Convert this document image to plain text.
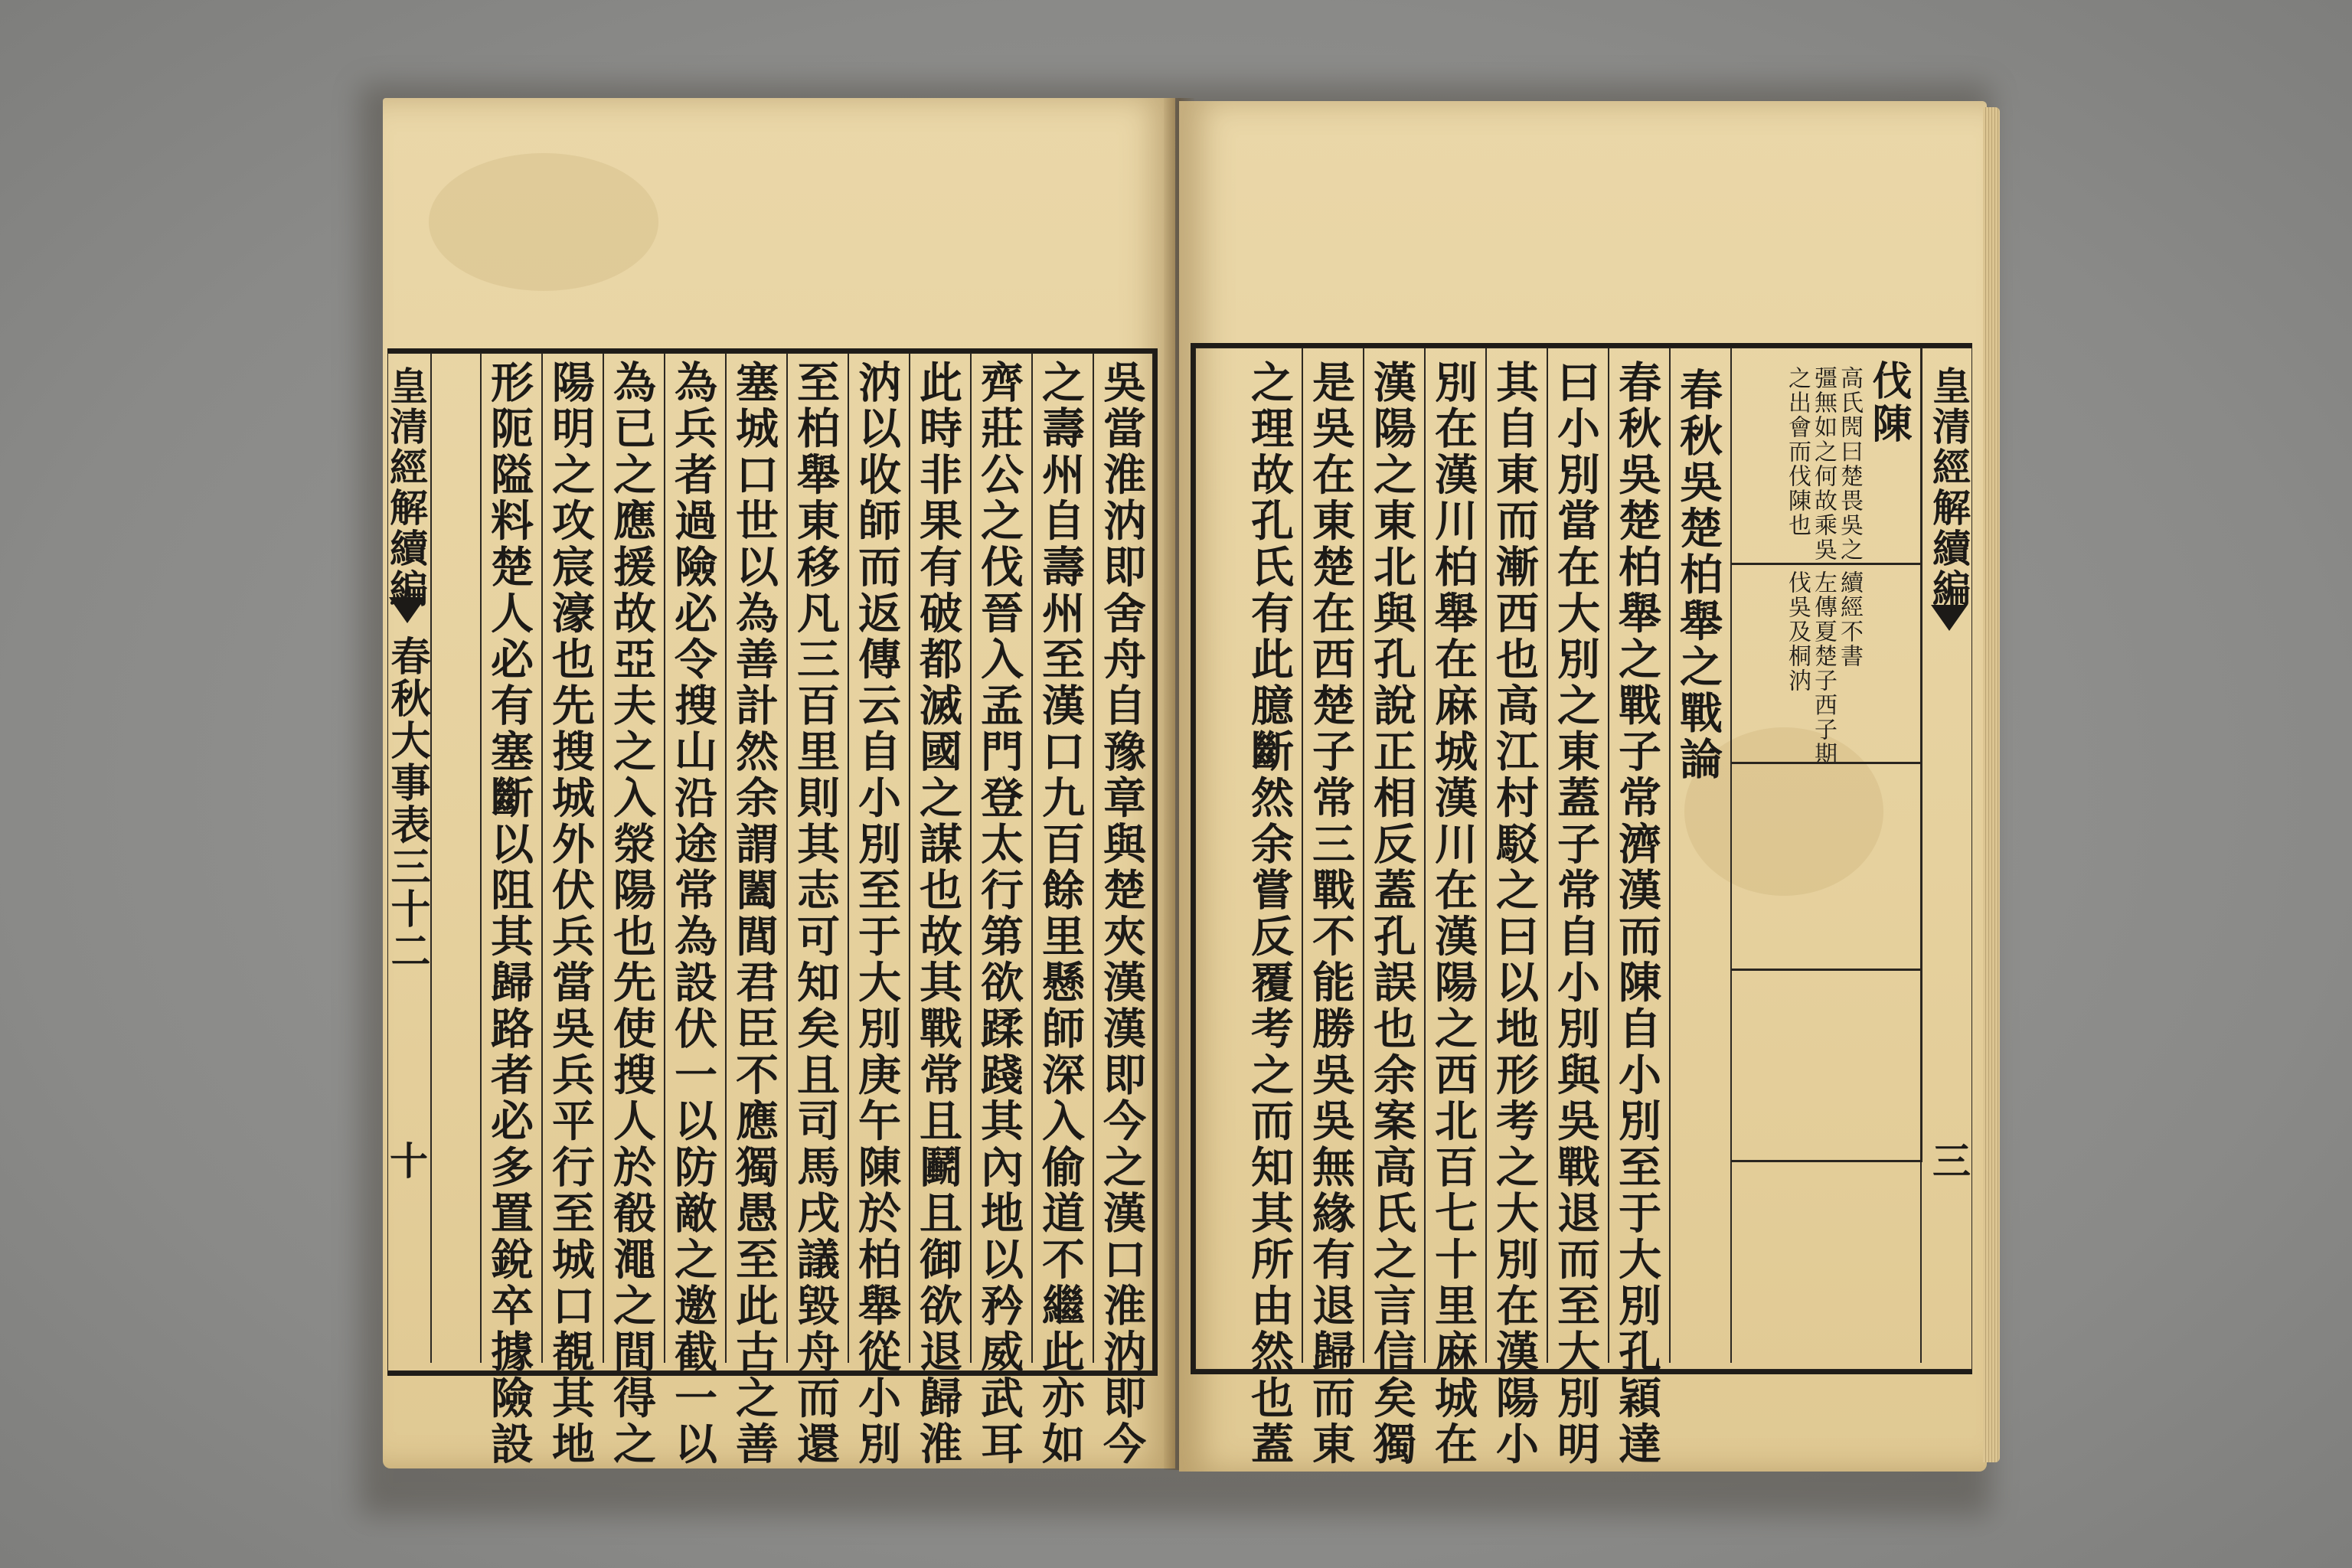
皇清經解續編
春秋大事表三十二
十	吳當淮汭即舍舟自豫章與楚夾漢漢即今之漢口淮汭即今
之壽州自壽州至漢口九百餘里懸師深入偷道不繼此亦如
齊莊公之伐晉入孟門登太行第欲蹂踐其內地以矜威武耳
此時非果有破都滅國之謀也故其戰常且鬬且御欲退歸淮
汭以收師而返傳云自小別至于大別庚午陳於柏舉從小別
至柏舉東移凡三百里則其志可知矣且司馬戌議毀舟而還
塞城口世以為善計然余謂闔閭君臣不應獨愚至此古之善
為兵者過險必令搜山沿途常為設伏一以防敵之邀截一以
為已之應援故亞夫之入滎陽也先使搜人於殽澠之間得之
陽明之攻宸濠也先搜城外伏兵當吳兵平行至城口覩其地
形阨隘料楚人必有塞斷以阻其歸路者必多置銳卒據險設	皇清經解續編
三
伐陳
高氏閌曰楚畏吳之
彊無如之何故乘吳
之出會而伐陳也
續經不書
左傳夏楚子西子期
伐吳及桐汭
春秋吳楚柏舉之戰論
春秋吳楚柏舉之戰子常濟漢而陳自小別至于大別孔穎達
曰小別當在大別之東蓋子常自小別與吳戰退而至大別明
其自東而漸西也高江村駁之曰以地形考之大別在漢陽小
別在漢川柏舉在麻城漢川在漢陽之西北百七十里麻城在
漢陽之東北與孔說正相反蓋孔誤也余案高氏之言信矣獨
是吳在東楚在西楚子常三戰不能勝吳吳無緣有退歸而東
之理故孔氏有此臆斷然余嘗反覆考之而知其所由然也蓋
